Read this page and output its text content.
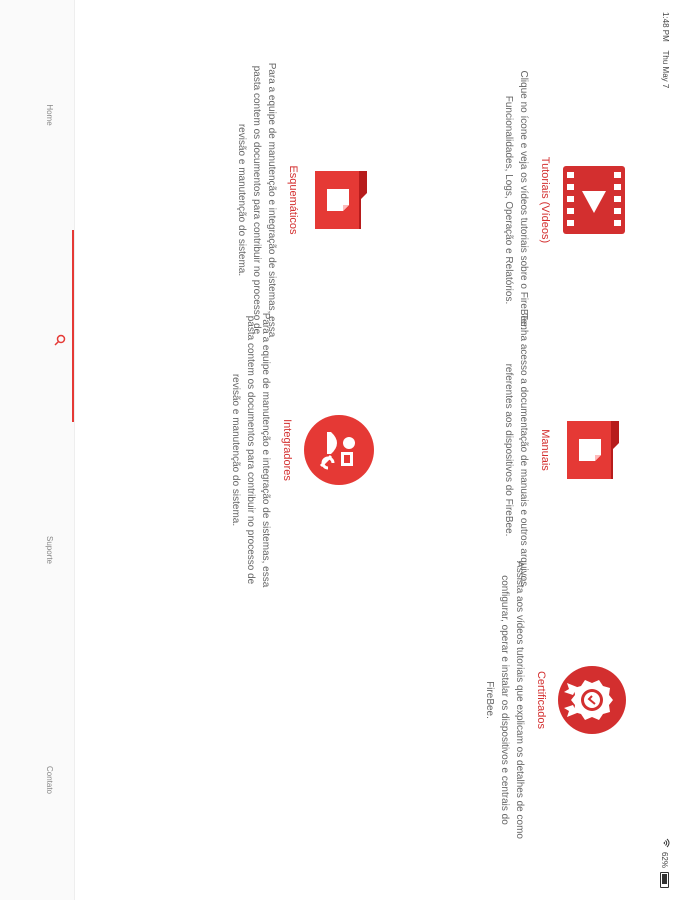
1:48 PM    Thu May 7
62%
Tutoriais (Vídeos)
Clique no ícone e veja os vídeos tutoriais sobre o FireBee: Funcionalidades, Logs, Operação e Relatórios.
Manuais
Tenha acesso a documentação de manuais e outros arquivos referentes aos dispositivos do FireBee.
Certificados
Assista aos vídeos tutoriais que explicam os detalhes de como configurar, operar e instalar os dispositivos e centrais do FireBee.
Esquemáticos
Para a equipe de manutenção e integração de sistemas, essa pasta contem os documentos para contribuir no processo de revisão e manutenção do sistema.
Integradores
Para a equipe de manutenção e integração de sistemas, essa pasta contem os documentos para contribuir no processo de revisão e manutenção do sistema.
Home
Suporte
Contato
